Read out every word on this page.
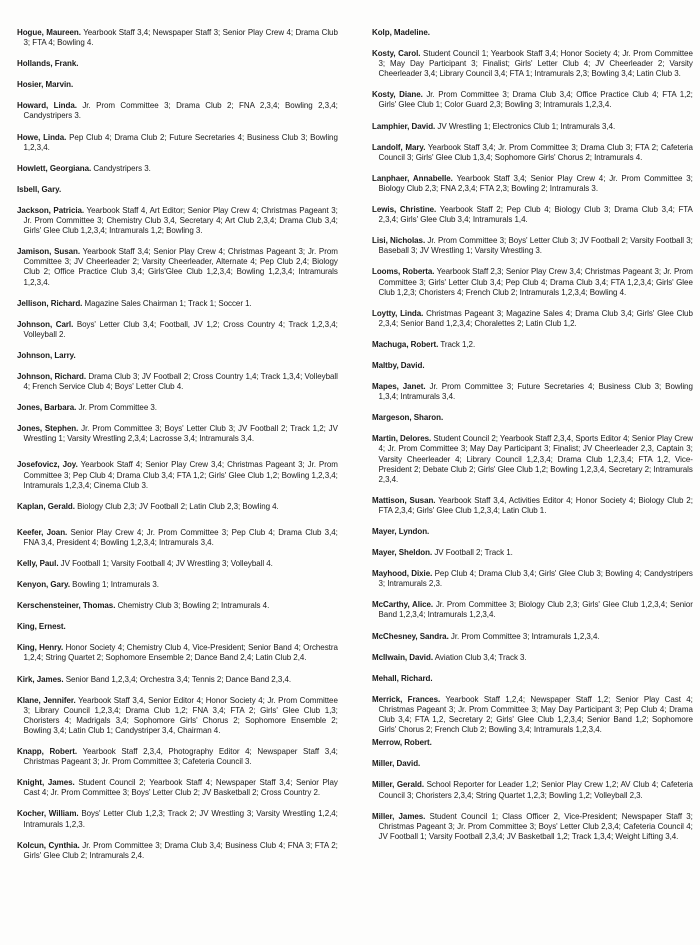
Hogue, Maureen. Yearbook Staff 3,4; Newspaper Staff 3; Senior Play Crew 4; Drama Club 3; FTA 4; Bowling 4.

Hollands, Frank.

Hosier, Marvin.

Howard, Linda. Jr. Prom Committee 3; Drama Club 2; FNA 2,3,4; Bowling 2,3,4; Candystripers 3.

Howe, Linda. Pep Club 4; Drama Club 2; Future Secretaries 4; Business Club 3; Bowling 1,2,3,4.

Howlett, Georgiana. Candystripers 3.

Isbell, Gary.

Jackson, Patricia. Yearbook Staff 4, Art Editor; Senior Play Crew 4; Christmas Pageant 3; Jr. Prom Committee 3; Chemistry Club 3,4, Secretary 4; Art Club 2,3,4; Drama Club 3,4; Girls' Glee Club 1,2,3,4; Intramurals 1,2; Bowling 3.

Jamison, Susan. Yearbook Staff 3,4; Senior Play Crew 4; Christmas Pageant 3; Jr. Prom Committee 3; JV Cheerleader 2; Varsity Cheerleader, Alternate 4; Pep Club 2,4; Biology Club 2; Office Practice Club 3,4; Girls'Glee Club 1,2,3,4; Bowling 1,2,3,4; Intramurals 1,2,3,4.

Jellison, Richard. Magazine Sales Chairman 1; Track 1; Soccer 1.

Johnson, Carl. Boys' Letter Club 3,4; Football, JV 1,2; Cross Country 4; Track 1,2,3,4; Volleyball 2.

Johnson, Larry.

Johnson, Richard. Drama Club 3; JV Football 2; Cross Country 1,4; Track 1,3,4; Volleyball 4; French Service Club 4; Boys' Letter Club 4.

Jones, Barbara. Jr. Prom Committee 3.

Jones, Stephen. Jr. Prom Committee 3; Boys' Letter Club 3; JV Football 2; Track 1,2; JV Wrestling 1; Varsity Wrestling 2,3,4; Lacrosse 3,4; Intramurals 3,4.

Josefovicz, Joy. Yearbook Staff 4; Senior Play Crew 3,4; Christmas Pageant 3; Jr. Prom Committee 3; Pep Club 4; Drama Club 3,4; FTA 1,2; Girls' Glee Club 1,2; Bowling 1,2,3,4; Intramurals 1,2,3,4; Cinema Club 3.

Kaplan, Gerald. Biology Club 2,3; JV Football 2; Latin Club 2,3; Bowling 4.

Keefer, Joan. Senior Play Crew 4; Jr. Prom Committee 3; Pep Club 4; Drama Club 3,4; FNA 3,4, President 4; Bowling 1,2,3,4; Intramurals 3,4.

Kelly, Paul. JV Football 1; Varsity Football 4; JV Wrestling 3; Volleyball 4.

Kenyon, Gary. Bowling 1; Intramurals 3.

Kerschensteiner, Thomas. Chemistry Club 3; Bowling 2; Intramurals 4.

King, Ernest.

King, Henry. Honor Society 4; Chemistry Club 4, Vice-President; Senior Band 4; Orchestra 1,2,4; String Quartet 2; Sophomore Ensemble 2; Dance Band 2,4; Latin Club 2,4.

Kirk, James. Senior Band 1,2,3,4; Orchestra 3,4; Tennis 2; Dance Band 2,3,4.

Klane, Jennifer. Yearbook Staff 3,4, Senior Editor 4; Honor Society 4; Jr. Prom Committee 3; Library Council 1,2,3,4; Drama Club 1,2; FNA 3,4; FTA 2; Girls' Glee Club 1,3; Choristers 4; Madrigals 3,4; Sophomore Girls' Chorus 2; Sophomore Ensemble 2; Bowling 3,4; Latin Club 1; Candystriper 3,4, Chairman 4.

Knapp, Robert. Yearbook Staff 2,3,4, Photography Editor 4; Newspaper Staff 3,4; Christmas Pageant 3; Jr. Prom Committee 3; Cafeteria Council 3.

Knight, James. Student Council 2; Yearbook Staff 4; Newspaper Staff 3,4; Senior Play Cast 4; Jr. Prom Committee 3; Boys' Letter Club 2; JV Basketball 2; Cross Country 2.

Kocher, William. Boys' Letter Club 1,2,3; Track 2; JV Wrestling 3; Varsity Wrestling 1,2,4; Intramurals 1,2,3.

Kolcun, Cynthia. Jr. Prom Committee 3; Drama Club 3,4; Business Club 4; FNA 3; FTA 2; Girls' Glee Club 2; Intramurals 2,4.

Kolp, Madeline.

Kosty, Carol. Student Council 1; Yearbook Staff 3,4; Honor Society 4; Jr. Prom Committee 3; May Day Participant 3; Finalist; Girls' Letter Club 4; JV Cheerleader 2; Varsity Cheerleader 3,4; Library Council 3,4; FTA 1; Intramurals 2,3; Bowling 3,4; Latin Club 3.

Kosty, Diane. Jr. Prom Committee 3; Drama Club 3,4; Office Practice Club 4; FTA 1,2; Girls' Glee Club 1; Color Guard 2,3; Bowling 3; Intramurals 1,2,3,4.

Lamphier, David. JV Wrestling 1; Electronics Club 1; Intramurals 3,4.

Landolf, Mary. Yearbook Staff 3,4; Jr. Prom Committee 3; Drama Club 3; FTA 2; Cafeteria Council 3; Girls' Glee Club 1,3,4; Sophomore Girls' Chorus 2; Intramurals 4.

Lanphaer, Annabelle. Yearbook Staff 3,4; Senior Play Crew 4; Jr. Prom Committee 3; Biology Club 2,3; FNA 2,3,4; FTA 2,3; Bowling 2; Intramurals 3.

Lewis, Christine. Yearbook Staff 2; Pep Club 4; Biology Club 3; Drama Club 3,4; FTA 2,3,4; Girls' Glee Club 3,4; Intramurals 1,4.

Lisi, Nicholas. Jr. Prom Committee 3; Boys' Letter Club 3; JV Football 2; Varsity Football 3; Baseball 3; JV Wrestling 1; Varsity Wrestling 3.

Looms, Roberta. Yearbook Staff 2,3; Senior Play Crew 3,4; Christmas Pageant 3; Jr. Prom Committee 3; Girls' Letter Club 3,4; Pep Club 4; Drama Club 3,4; FTA 1,2,3,4; Girls' Glee Club 1,2,3; Choristers 4; French Club 2; Intramurals 1,2,3,4; Bowling 4.

Loytty, Linda. Christmas Pageant 3; Magazine Sales 4; Drama Club 3,4; Girls' Glee Club 2,3,4; Senior Band 1,2,3,4; Choralettes 2; Latin Club 1,2.

Machuga, Robert. Track 1,2.

Maltby, David.

Mapes, Janet. Jr. Prom Committee 3; Future Secretaries 4; Business Club 3; Bowling 1,3,4; Intramurals 3,4.

Margeson, Sharon.

Martin, Delores. Student Council 2; Yearbook Staff 2,3,4, Sports Editor 4; Senior Play Crew 4; Jr. Prom Committee 3; May Day Participant 3; Finalist; JV Cheerleader 2,3, Captain 3; Varsity Cheerleader 4; Library Council 1,2,3,4; Drama Club 1,2,3,4; FTA 1,2, Vice-President 2; Debate Club 2; Girls' Glee Club 1,2; Bowling 1,2,3,4, Secretary 2; Intramurals 2,3,4.

Mattison, Susan. Yearbook Staff 3,4, Activities Editor 4; Honor Society 4; Biology Club 2; FTA 2,3,4; Girls' Glee Club 1,2,3,4; Latin Club 1.

Mayer, Lyndon.

Mayer, Sheldon. JV Football 2; Track 1.

Mayhood, Dixie. Pep Club 4; Drama Club 3,4; Girls' Glee Club 3; Bowling 4; Candystripers 3; Intramurals 2,3.

McCarthy, Alice. Jr. Prom Committee 3; Biology Club 2,3; Girls' Glee Club 1,2,3,4; Senior Band 1,2,3,4; Intramurals 1,2,3,4.

McChesney, Sandra. Jr. Prom Committee 3; Intramurals 1,2,3,4.

McIlwain, David. Aviation Club 3,4; Track 3.

Mehall, Richard.

Merrick, Frances. Yearbook Staff 1,2,4; Newspaper Staff 1,2; Senior Play Cast 4; Christmas Pageant 3; Jr. Prom Committee 3; May Day Participant 3; Pep Club 4; Drama Club 3,4; FTA 1,2, Secretary 2; Girls' Glee Club 1,2,3,4; Senior Band 1,2; Sophomore Girls' Chorus 2; French Club 2; Bowling 3,4; Intramurals 1,2,3,4.

Merrow, Robert.

Miller, David.

Miller, Gerald. School Reporter for Leader 1,2; Senior Play Crew 1,2; AV Club 4; Cafeteria Council 3; Choristers 2,3,4; String Quartet 1,2,3; Bowling 1,2; Volleyball 2,3.

Miller, James. Student Council 1; Class Officer 2, Vice-President; Newspaper Staff 3; Christmas Pageant 3; Jr. Prom Committee 3; Boys' Letter Club 2,3,4; Cafeteria Council 4; JV Football 1; Varsity Football 2,3,4; JV Basketball 1,2; Track 1,3,4; Weight Lifting 3,4.
